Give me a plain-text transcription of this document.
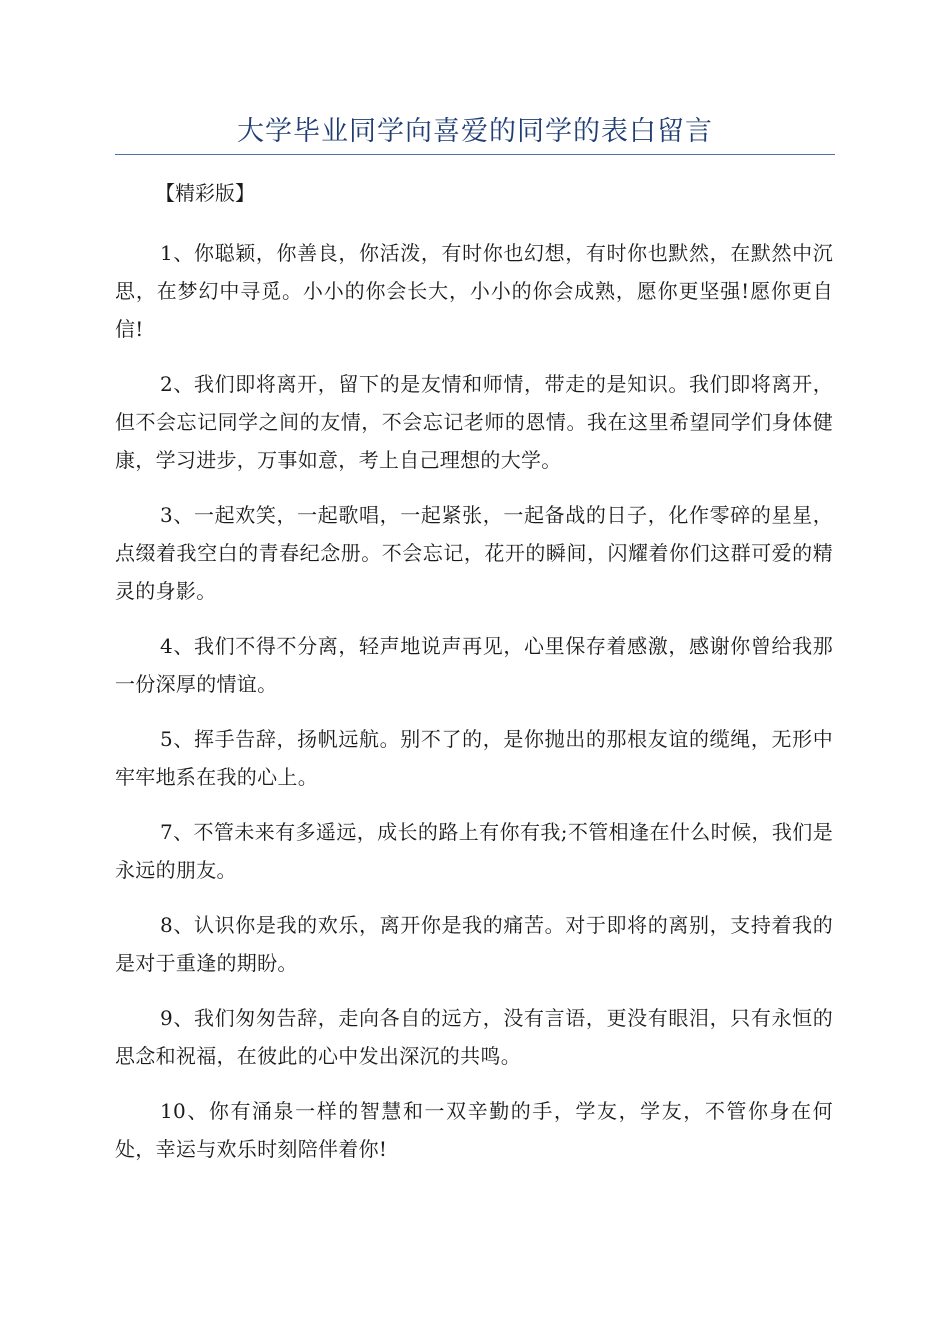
大学毕业同学向喜爱的同学的表白留言

【精彩版】

1、你聪颖，你善良，你活泼，有时你也幻想，有时你也默然，在默然中沉思，在梦幻中寻觅。小小的你会长大，小小的你会成熟，愿你更坚强!愿你更自信!

2、我们即将离开，留下的是友情和师情，带走的是知识。我们即将离开，但不会忘记同学之间的友情，不会忘记老师的恩情。我在这里希望同学们身体健康，学习进步，万事如意，考上自己理想的大学。

3、一起欢笑，一起歌唱，一起紧张，一起备战的日子，化作零碎的星星，点缀着我空白的青春纪念册。不会忘记，花开的瞬间，闪耀着你们这群可爱的精灵的身影。

4、我们不得不分离，轻声地说声再见，心里保存着感激，感谢你曾给我那一份深厚的情谊。

5、挥手告辞，扬帆远航。别不了的，是你抛出的那根友谊的缆绳，无形中牢牢地系在我的心上。

7、不管未来有多遥远，成长的路上有你有我;不管相逢在什么时候，我们是永远的朋友。

8、认识你是我的欢乐，离开你是我的痛苦。对于即将的离别，支持着我的是对于重逢的期盼。

9、我们匆匆告辞，走向各自的远方，没有言语，更没有眼泪，只有永恒的思念和祝福，在彼此的心中发出深沉的共鸣。

10、你有涌泉一样的智慧和一双辛勤的手，学友，学友，不管你身在何处，幸运与欢乐时刻陪伴着你!
